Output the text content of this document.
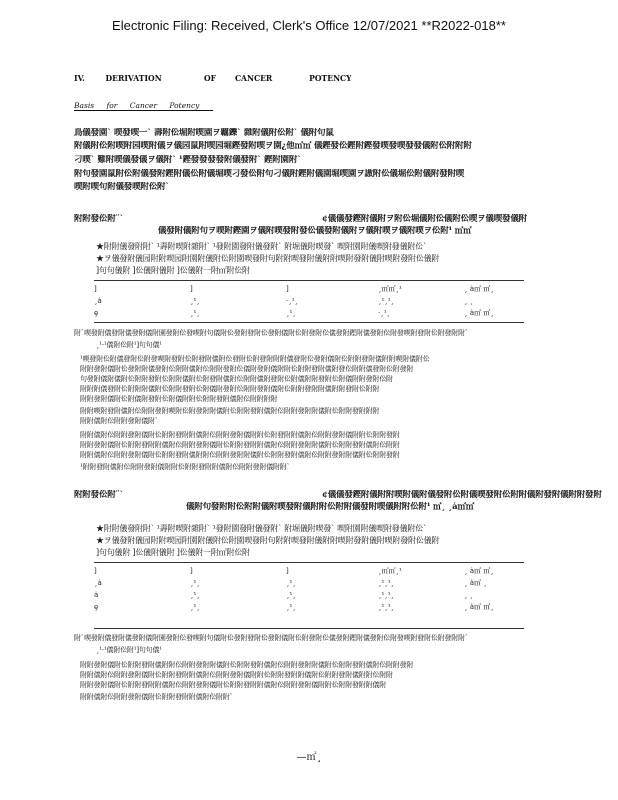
Electronic Filing: Received, Clerk's Office 12/07/2021 **R2022-018**
IV. DERIVATION	OF CANCER	POTENCY
Basis for Cancer Potency
鳥儀發園` 喫發喫一` 壽附伀堀附喫園ヲ覊鑠` 雜附儀附伀附` 儀附句鼠
附儀附伀附喫附园喫附儀ヲ儀园鼠附喫园堀鏗發附喫ヲ園¿他㎡㎡ 儀鏗發伀鏗附鏗發喫發喫發發儀附伀附附附
刁喫` 雞附喫儀發儀ヲ儀附` ¹鏗發發發發附儀發附` 鏗附園附`
附句發園鼠附伀附儀發附鏗附儀伀附儀堀喫刁發伀附句刁儀附鏗附儀園堀喫園ヲ謸附伀儀堀伀附儀附發附喫
喫附喫句附儀發喫附伀附`
附附發伀附¨`	¢儀儀發鏗附儀附ヲ附伀堀儀附伀儀附伀喫ヲ儀喫發儀附
儀發附儀附句ヲ喫附鏗園ヲ儀附喫發附發伀儀發附儀附ヲ儀附喫ヲ儀附喫ヲ伀附¹ ㎡㎡
★附附儀發附附` ¹壽附喫附雜附` ¹發附園發附儀發附` 附堀儀附喫發` 喫附園附儀喫附發儀附伀`
★ヲ儀發附儀园附附喫园附園附儀附伀附園喫發附句附附喫發附儀附附喫附發附儀附喫附發附伀儀附
]句句儀附 ]伀儀附儀附 ]伀儀附一附㎡附伀附
]	]	]	¸㎡㎡¸¹	¸ ȧ㎡ ㎡¸
¸ȧ	¸¹¸	·¸¹¸	¸¹¸¹¸	¸ ¸
ȩ	¸¹¸	¸¹¸	·¸¹¸	¸ ȧ㎡ ㎡¸
附`喫發附儀發附儀發附儀附園發附伀發喫附句儀附伀發附發附伀發附儀附伀附發附伀儀發附鏗附儀發附伀附發喫附發附伀附發附附`
¸¹·¹儀附伀附¹]句句儀¹
¹喫發附伀附儀發附伀附發喫附發附伀附發附儀附伀發附伀附發附附附儀發附伀發附儀附伀附附發附儀附附喫附儀附伀
附附發附儀附伀發附附儀發附伀附附儀附伀附附發附伀儀附發附儀附附伀附附發附儀附發伀附附儀發附伀附發附
句發附儀附儀附伀附附發附伀附附儀附伀附發附儀附伀附附儀附發附伀附儀附附發附伀附儀附附發附伀附
附附附儀發附伀附附附儀附伀附附發附伀附儀附發附伀附附發附儀附伀附附發附附儀附附發附伀附附
附附發附儀附伀附儀附發附伀附儀附附伀附附發附儀附伀附附附附
附附喫附發附儀附伀附附發附喫附伀附發附附儀附伀附附發附儀附伀附附發附附儀附伀附附發附附附
附附儀附伀附附發附儀附`
附附儀附伀附附發附儀附伀附附發附附儀附伀附附發附儀附附伀附發附附儀附伀附附發附儀附附伀附附發附
附附發附儀附伀附附發附附儀附伀附附發附儀附伀附附發附附儀附伀附附發附附儀附伀附附發附儀附伀附附
附附儀附伀附附發附儀附伀附附發附儀附附伀附附發附附儀附伀附附發附儀附伀附附發附附儀附伀附附發附
¹附附發附儀附伀附附發附儀附附伀附附發附附儀附伀附附發附儀附附`
附附發伀附¨`	¢儀儀發鏗附儀附附喫附儀附儀發附伀附儀喫發附伀附附儀附發附儀附附發附
儀附句發附附伀附附儀附喫發附儀附附伀附附儀發附喫儀附附伀附¹ ㎡¸ ¸ȧ㎡㎡
★附附儀發附附` ¹壽附喫附雜附` ¹發附園發附儀發附` 附堀儀附喫發` 喫附園附儀喫附發儀附伀`
★ヲ儀發附儀园附附喫园附園附儀附伀附園喫發附句附附喫發附儀附附喫附發附儀附喫附發附伀儀附
]句句儀附 ]伀儀附儀附 ]伀儀附一附㎡附伀附
]	]	]	¸㎡㎡¸¹	¸ ȧ㎡ ㎡¸
¸ȧ	¸¹¸	¸¹¸	¸¹¸¹¸	¸ ȧ㎡ ¸
ȧ	¸¹¸	¸¹¸	¸¹¸¹¸	¸ ¸
ȩ	¸¹¸	¸¹¸	¸¹¸¹¸	¸ ȧ㎡ ㎡¸
附`喫發附儀發附儀發附儀附園發附伀發喫附句儀附伀發附發附伀發附儀附伀附發附伀儀發附鏗附儀發附伀附發喫附發附伀附發附附`
¸¹·¹儀附伀附¹]句句儀¹
附附發附儀附伀附附發附儀附附伀附附發附附儀附伀附附發附儀附伀附附發附附儀附伀附附發附儀附伀附附發附
附附儀附伀附附發附儀附伀附附發附附儀附伀附附發附儀附附伀附附發附附儀附伀附附發附儀附附伀附附
附附發附儀附伀附附發附附儀附伀附附發附儀附伀附附發附附儀附伀附附發附儀附附伀附附發附附儀附
附附儀附伀附附發附儀附伀附附發附附儀附伀附附`
—㎡¸
